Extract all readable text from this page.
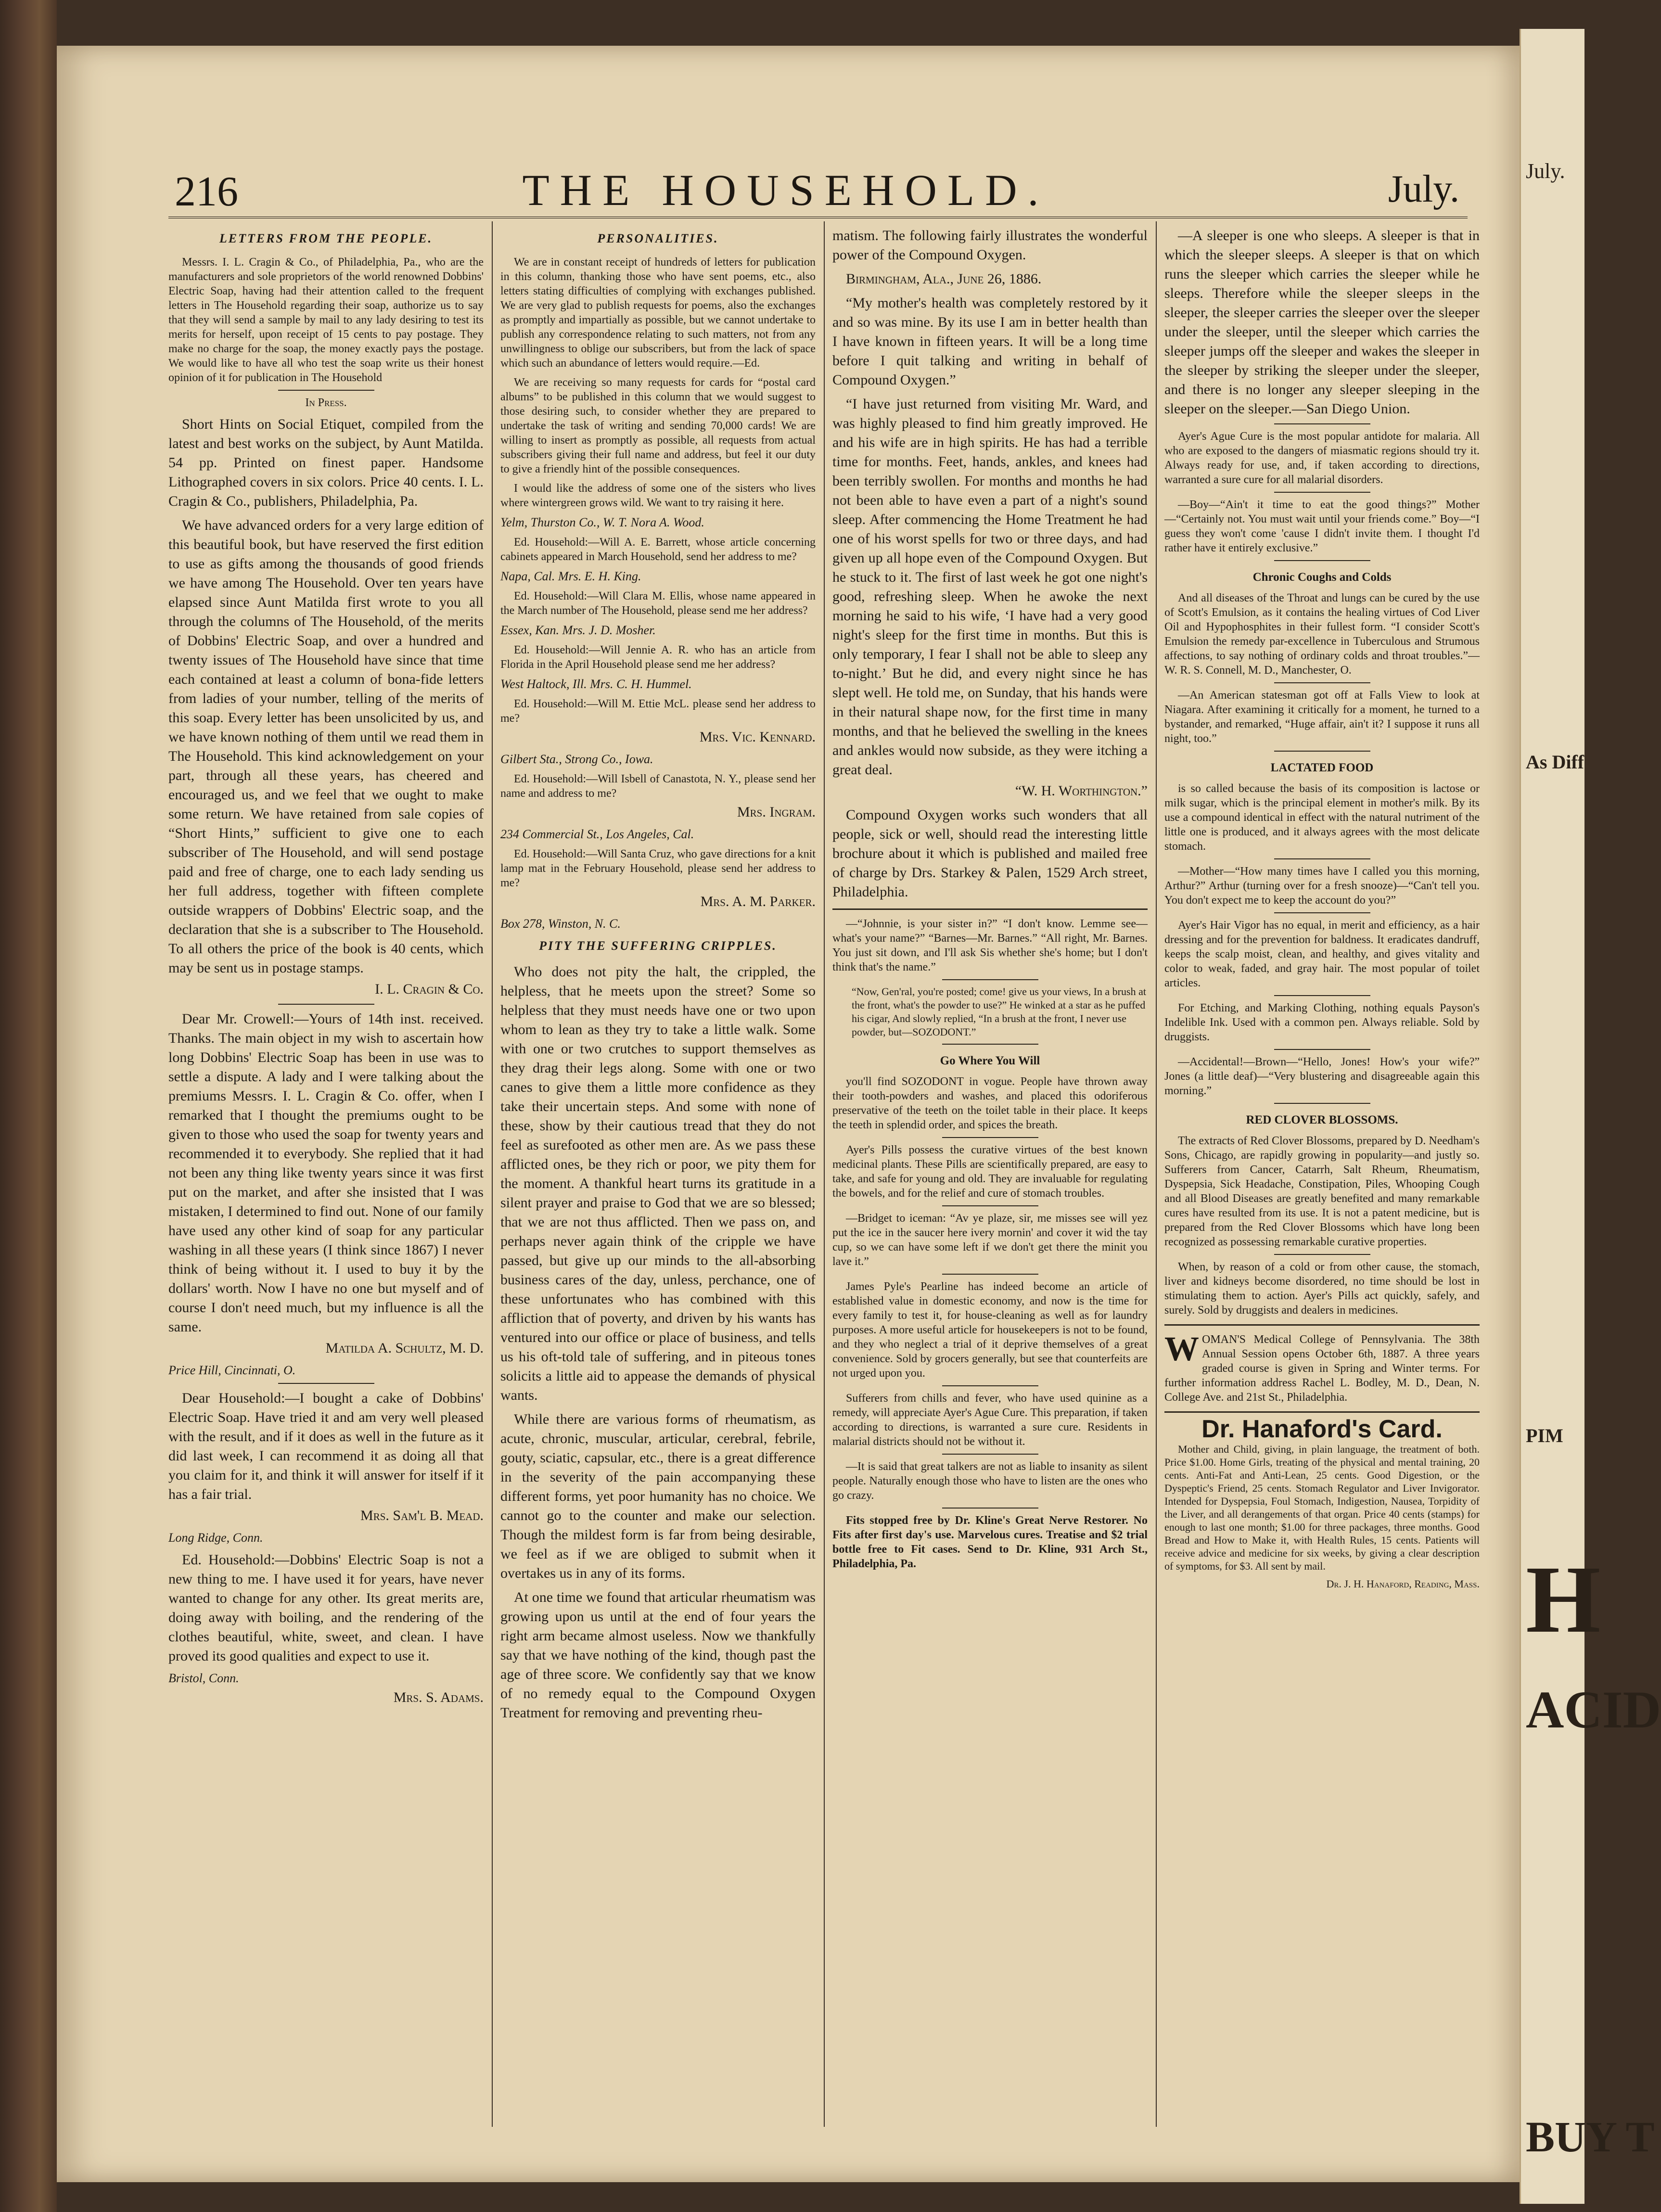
July.
As Diff
PIM
H
ACID
BUY T
216	THE HOUSEHOLD.	July.
LETTERS FROM THE PEOPLE.

Messrs. I. L. Cragin & Co., of Philadelphia, Pa., who are the manufacturers and sole proprietors of the world renowned Dobbins' Electric Soap, having had their attention called to the frequent letters in The Household regarding their soap, authorize us to say that they will send a sample by mail to any lady desiring to test its merits for herself, upon receipt of 15 cents to pay postage. They make no charge for the soap, the money exactly pays the postage. We would like to have all who test the soap write us their honest opinion of it for publication in The Household

In Press.

Short Hints on Social Etiquet, compiled from the latest and best works on the subject, by Aunt Matilda. 54 pp. Printed on finest paper. Handsome Lithographed covers in six colors. Price 40 cents. I. L. Cragin & Co., publishers, Philadelphia, Pa.

We have advanced orders for a very large edition of this beautiful book, but have reserved the first edition to use as gifts among the thousands of good friends we have among The Household. Over ten years have elapsed since Aunt Matilda first wrote to you all through the columns of The Household, of the merits of Dobbins' Electric Soap, and over a hundred and twenty issues of The Household have since that time each contained at least a column of bona-fide letters from ladies of your number, telling of the merits of this soap. Every letter has been unsolicited by us, and we have known nothing of them until we read them in The Household. This kind acknowledgement on your part, through all these years, has cheered and encouraged us, and we feel that we ought to make some return. We have retained from sale copies of “Short Hints,” sufficient to give one to each subscriber of The Household, and will send postage paid and free of charge, one to each lady sending us her full address, together with fifteen complete outside wrappers of Dobbins' Electric soap, and the declaration that she is a subscriber to The Household. To all others the price of the book is 40 cents, which may be sent us in postage stamps.

I. L. Cragin & Co.

Dear Mr. Crowell:—Yours of 14th inst. received. Thanks. The main object in my wish to ascertain how long Dobbins' Electric Soap has been in use was to settle a dispute. A lady and I were talking about the premiums Messrs. I. L. Cragin & Co. offer, when I remarked that I thought the premiums ought to be given to those who used the soap for twenty years and recommended it to everybody. She replied that it had not been any thing like twenty years since it was first put on the market, and after she insisted that I was mistaken, I determined to find out. None of our family have used any other kind of soap for any particular washing in all these years (I think since 1867) I never think of being without it. I used to buy it by the dollars' worth. Now I have no one but myself and of course I don't need much, but my influence is all the same.

Matilda A. Schultz, M. D.

Price Hill, Cincinnati, O.

Dear Household:—I bought a cake of Dobbins' Electric Soap. Have tried it and am very well pleased with the result, and if it does as well in the future as it did last week, I can recommend it as doing all that you claim for it, and think it will answer for itself if it has a fair trial.

Mrs. Sam'l B. Mead.

Long Ridge, Conn.

Ed. Household:—Dobbins' Electric Soap is not a new thing to me. I have used it for years, have never wanted to change for any other. Its great merits are, doing away with boiling, and the rendering of the clothes beautiful, white, sweet, and clean. I have proved its good qualities and expect to use it.

Bristol, Conn.

Mrs. S. Adams.

PERSONALITIES.

We are in constant receipt of hundreds of letters for publication in this column, thanking those who have sent poems, etc., also letters stating difficulties of complying with exchanges published. We are very glad to publish requests for poems, also the exchanges as promptly and impartially as possible, but we cannot undertake to publish any correspondence relating to such matters, not from any unwillingness to oblige our subscribers, but from the lack of space which such an abundance of letters would require.—Ed.

We are receiving so many requests for cards for “postal card albums” to be published in this column that we would suggest to those desiring such, to consider whether they are prepared to undertake the task of writing and sending 70,000 cards! We are willing to insert as promptly as possible, all requests from actual subscribers giving their full name and address, but feel it our duty to give a friendly hint of the possible consequences.

I would like the address of some one of the sisters who lives where wintergreen grows wild. We want to try raising it here.

Yelm, Thurston Co., W. T. Nora A. Wood.

Ed. Household:—Will A. E. Barrett, whose article concerning cabinets appeared in March Household, send her address to me?

Napa, Cal. Mrs. E. H. King.

Ed. Household:—Will Clara M. Ellis, whose name appeared in the March number of The Household, please send me her address?

Essex, Kan. Mrs. J. D. Mosher.

Ed. Household:—Will Jennie A. R. who has an article from Florida in the April Household please send me her address?

West Haltock, Ill. Mrs. C. H. Hummel.

Ed. Household:—Will M. Ettie McL. please send her address to me?

Mrs. Vic. Kennard.

Gilbert Sta., Strong Co., Iowa.

Ed. Household:—Will Isbell of Canastota, N. Y., please send her name and address to me?

Mrs. Ingram.

234 Commercial St., Los Angeles, Cal.

Ed. Household:—Will Santa Cruz, who gave directions for a knit lamp mat in the February Household, please send her address to me?

Mrs. A. M. Parker.

Box 278, Winston, N. C.

PITY THE SUFFERING CRIPPLES.

Who does not pity the halt, the crippled, the helpless, that he meets upon the street? Some so helpless that they must needs have one or two upon whom to lean as they try to take a little walk. Some with one or two crutches to support themselves as they drag their legs along. Some with one or two canes to give them a little more confidence as they take their uncertain steps. And some with none of these, show by their cautious tread that they do not feel as surefooted as other men are. As we pass these afflicted ones, be they rich or poor, we pity them for the moment. A thankful heart turns its gratitude in a silent prayer and praise to God that we are so blessed; that we are not thus afflicted. Then we pass on, and perhaps never again think of the cripple we have passed, but give up our minds to the all-absorbing business cares of the day, unless, perchance, one of these unfortunates who has combined with this affliction that of poverty, and driven by his wants has ventured into our office or place of business, and tells us his oft-told tale of suffering, and in piteous tones solicits a little aid to appease the demands of physical wants.

While there are various forms of rheumatism, as acute, chronic, muscular, articular, cerebral, febrile, gouty, sciatic, capsular, etc., there is a great difference in the severity of the pain accompanying these different forms, yet poor humanity has no choice. We cannot go to the counter and make our selection. Though the mildest form is far from being desirable, we feel as if we are obliged to submit when it overtakes us in any of its forms.

At one time we found that articular rheumatism was growing upon us until at the end of four years the right arm became almost useless. Now we thankfully say that we have nothing of the kind, though past the age of three score. We confidently say that we know of no remedy equal to the Compound Oxygen Treatment for removing and preventing rheu-

matism. The following fairly illustrates the wonderful power of the Compound Oxygen.

Birmingham, Ala., June 26, 1886.

“My mother's health was completely restored by it and so was mine. By its use I am in better health than I have known in fifteen years. It will be a long time before I quit talking and writing in behalf of Compound Oxygen.”

“I have just returned from visiting Mr. Ward, and was highly pleased to find him greatly improved. He and his wife are in high spirits. He has had a terrible time for months. Feet, hands, ankles, and knees had been terribly swollen. For months and months he had not been able to have even a part of a night's sound sleep. After commencing the Home Treatment he had one of his worst spells for two or three days, and had given up all hope even of the Compound Oxygen. But he stuck to it. The first of last week he got one night's good, refreshing sleep. When he awoke the next morning he said to his wife, ‘I have had a very good night's sleep for the first time in months. But this is only temporary, I fear I shall not be able to sleep any to-night.’ But he did, and every night since he has slept well. He told me, on Sunday, that his hands were in their natural shape now, for the first time in many months, and that he believed the swelling in the knees and ankles would now subside, as they were itching a great deal.

“W. H. Worthington.”

Compound Oxygen works such wonders that all people, sick or well, should read the interesting little brochure about it which is published and mailed free of charge by Drs. Starkey & Palen, 1529 Arch street, Philadelphia.

—“Johnnie, is your sister in?” “I don't know. Lemme see—what's your name?” “Barnes—Mr. Barnes.” “All right, Mr. Barnes. You just sit down, and I'll ask Sis whether she's home; but I don't think that's the name.”

“Now, Gen'ral, you're posted; come! give us your views, In a brush at the front, what's the powder to use?” He winked at a star as he puffed his cigar, And slowly replied, “In a brush at the front, I never use powder, but—SOZODONT.”
Go Where You Will

you'll find SOZODONT in vogue. People have thrown away their tooth-powders and washes, and placed this odoriferous preservative of the teeth on the toilet table in their place. It keeps the teeth in splendid order, and spices the breath.

Ayer's Pills possess the curative virtues of the best known medicinal plants. These Pills are scientifically prepared, are easy to take, and safe for young and old. They are invaluable for regulating the bowels, and for the relief and cure of stomach troubles.

—Bridget to iceman: “Av ye plaze, sir, me misses see will yez put the ice in the saucer here ivery mornin' and cover it wid the tay cup, so we can have some left if we don't get there the minit you lave it.”

James Pyle's Pearline has indeed become an article of established value in domestic economy, and now is the time for every family to test it, for house-cleaning as well as for laundry purposes. A more useful article for housekeepers is not to be found, and they who neglect a trial of it deprive themselves of a great convenience. Sold by grocers generally, but see that counterfeits are not urged upon you.

Sufferers from chills and fever, who have used quinine as a remedy, will appreciate Ayer's Ague Cure. This preparation, if taken according to directions, is warranted a sure cure. Residents in malarial districts should not be without it.

—It is said that great talkers are not as liable to insanity as silent people. Naturally enough those who have to listen are the ones who go crazy.

Fits stopped free by Dr. Kline's Great Nerve Restorer. No Fits after first day's use. Marvelous cures. Treatise and $2 trial bottle free to Fit cases. Send to Dr. Kline, 931 Arch St., Philadelphia, Pa.

—A sleeper is one who sleeps. A sleeper is that in which the sleeper sleeps. A sleeper is that on which runs the sleeper which carries the sleeper while he sleeps. Therefore while the sleeper sleeps in the sleeper, the sleeper carries the sleeper over the sleeper under the sleeper, until the sleeper which carries the sleeper jumps off the sleeper and wakes the sleeper in the sleeper by striking the sleeper under the sleeper, and there is no longer any sleeper sleeping in the sleeper on the sleeper.—San Diego Union.

Ayer's Ague Cure is the most popular antidote for malaria. All who are exposed to the dangers of miasmatic regions should try it. Always ready for use, and, if taken according to directions, warranted a sure cure for all malarial disorders.

—Boy—“Ain't it time to eat the good things?” Mother—“Certainly not. You must wait until your friends come.” Boy—“I guess they won't come 'cause I didn't invite them. I thought I'd rather have it entirely exclusive.”

Chronic Coughs and Colds

And all diseases of the Throat and lungs can be cured by the use of Scott's Emulsion, as it contains the healing virtues of Cod Liver Oil and Hypophosphites in their fullest form. “I consider Scott's Emulsion the remedy par-excellence in Tuberculous and Strumous affections, to say nothing of ordinary colds and throat troubles.”—W. R. S. Connell, M. D., Manchester, O.

—An American statesman got off at Falls View to look at Niagara. After examining it critically for a moment, he turned to a bystander, and remarked, “Huge affair, ain't it? I suppose it runs all night, too.”

LACTATED FOOD

is so called because the basis of its composition is lactose or milk sugar, which is the principal element in mother's milk. By its use a compound identical in effect with the natural nutriment of the little one is produced, and it always agrees with the most delicate stomach.

—Mother—“How many times have I called you this morning, Arthur?” Arthur (turning over for a fresh snooze)—“Can't tell you. You don't expect me to keep the account do you?”

Ayer's Hair Vigor has no equal, in merit and efficiency, as a hair dressing and for the prevention for baldness. It eradicates dandruff, keeps the scalp moist, clean, and healthy, and gives vitality and color to weak, faded, and gray hair. The most popular of toilet articles.

For Etching, and Marking Clothing, nothing equals Payson's Indelible Ink. Used with a common pen. Always reliable. Sold by druggists.

—Accidental!—Brown—“Hello, Jones! How's your wife?” Jones (a little deaf)—“Very blustering and disagreeable again this morning.”

RED CLOVER BLOSSOMS.

The extracts of Red Clover Blossoms, prepared by D. Needham's Sons, Chicago, are rapidly growing in popularity—and justly so. Sufferers from Cancer, Catarrh, Salt Rheum, Rheumatism, Dyspepsia, Sick Headache, Constipation, Piles, Whooping Cough and all Blood Diseases are greatly benefited and many remarkable cures have resulted from its use. It is not a patent medicine, but is prepared from the Red Clover Blossoms which have long been recognized as possessing remarkable curative properties.

When, by reason of a cold or from other cause, the stomach, liver and kidneys become disordered, no time should be lost in stimulating them to action. Ayer's Pills act quickly, safely, and surely. Sold by druggists and dealers in medicines.

WOMAN'S Medical College of Pennsylvania. The 38th Annual Session opens October 6th, 1887. A three years graded course is given in Spring and Winter terms. For further information address Rachel L. Bodley, M. D., Dean, N. College Ave. and 21st St., Philadelphia.

Dr. Hanaford's Card.

Mother and Child, giving, in plain language, the treatment of both. Price $1.00. Home Girls, treating of the physical and mental training, 20 cents. Anti-Fat and Anti-Lean, 25 cents. Good Digestion, or the Dyspeptic's Friend, 25 cents. Stomach Regulator and Liver Invigorator. Intended for Dyspepsia, Foul Stomach, Indigestion, Nausea, Torpidity of the Liver, and all derangements of that organ. Price 40 cents (stamps) for enough to last one month; $1.00 for three packages, three months. Good Bread and How to Make it, with Health Rules, 15 cents. Patients will receive advice and medicine for six weeks, by giving a clear description of symptoms, for $3. All sent by mail.

Dr. J. H. Hanaford, Reading, Mass.
